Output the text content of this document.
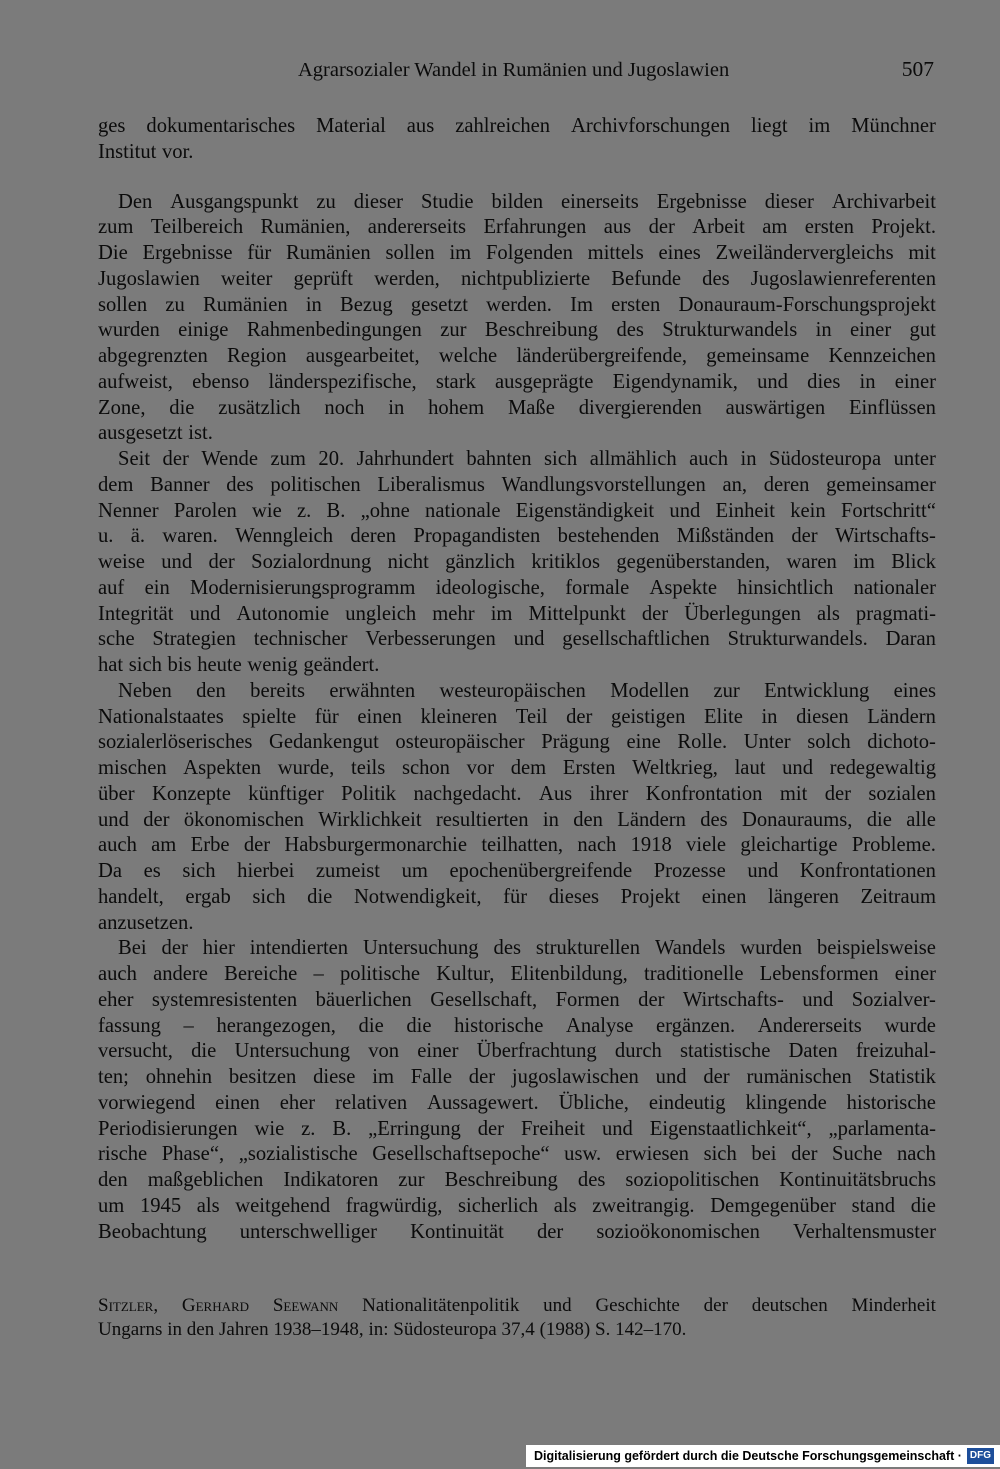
Agrarsozialer Wandel in Rumänien und Jugoslawien	507
ges dokumentarisches Material aus zahlreichen Archivforschungen liegt im Münchner
Institut vor.
Den Ausgangspunkt zu dieser Studie bilden einerseits Ergebnisse dieser Archivarbeit
zum Teilbereich Rumänien, andererseits Erfahrungen aus der Arbeit am ersten Projekt.
Die Ergebnisse für Rumänien sollen im Folgenden mittels eines Zweiländervergleichs mit
Jugoslawien weiter geprüft werden, nichtpublizierte Befunde des Jugoslawienreferenten
sollen zu Rumänien in Bezug gesetzt werden. Im ersten Donauraum-Forschungsprojekt
wurden einige Rahmenbedingungen zur Beschreibung des Strukturwandels in einer gut
abgegrenzten Region ausgearbeitet, welche länderübergreifende, gemeinsame Kennzeichen
aufweist, ebenso länderspezifische, stark ausgeprägte Eigendynamik, und dies in einer
Zone, die zusätzlich noch in hohem Maße divergierenden auswärtigen Einflüssen
ausgesetzt ist.
Seit der Wende zum 20. Jahrhundert bahnten sich allmählich auch in Südosteuropa unter
dem Banner des politischen Liberalismus Wandlungsvorstellungen an, deren gemeinsamer
Nenner Parolen wie z. B. „ohne nationale Eigenständigkeit und Einheit kein Fortschritt“
u. ä. waren. Wenngleich deren Propagandisten bestehenden Mißständen der Wirtschafts-
weise und der Sozialordnung nicht gänzlich kritiklos gegenüberstanden, waren im Blick
auf ein Modernisierungsprogramm ideologische, formale Aspekte hinsichtlich nationaler
Integrität und Autonomie ungleich mehr im Mittelpunkt der Überlegungen als pragmati-
sche Strategien technischer Verbesserungen und gesellschaftlichen Strukturwandels. Daran
hat sich bis heute wenig geändert.
Neben den bereits erwähnten westeuropäischen Modellen zur Entwicklung eines
Nationalstaates spielte für einen kleineren Teil der geistigen Elite in diesen Ländern
sozialerlöserisches Gedankengut osteuropäischer Prägung eine Rolle. Unter solch dichoto-
mischen Aspekten wurde, teils schon vor dem Ersten Weltkrieg, laut und redegewaltig
über Konzepte künftiger Politik nachgedacht. Aus ihrer Konfrontation mit der sozialen
und der ökonomischen Wirklichkeit resultierten in den Ländern des Donauraums, die alle
auch am Erbe der Habsburgermonarchie teilhatten, nach 1918 viele gleichartige Probleme.
Da es sich hierbei zumeist um epochenübergreifende Prozesse und Konfrontationen
handelt, ergab sich die Notwendigkeit, für dieses Projekt einen längeren Zeitraum
anzusetzen.
Bei der hier intendierten Untersuchung des strukturellen Wandels wurden beispielsweise
auch andere Bereiche – politische Kultur, Elitenbildung, traditionelle Lebensformen einer
eher systemresistenten bäuerlichen Gesellschaft, Formen der Wirtschafts- und Sozialver-
fassung – herangezogen, die die historische Analyse ergänzen. Andererseits wurde
versucht, die Untersuchung von einer Überfrachtung durch statistische Daten freizuhal-
ten; ohnehin besitzen diese im Falle der jugoslawischen und der rumänischen Statistik
vorwiegend einen eher relativen Aussagewert. Übliche, eindeutig klingende historische
Periodisierungen wie z. B. „Erringung der Freiheit und Eigenstaatlichkeit“, „parlamenta-
rische Phase“, „sozialistische Gesellschaftsepoche“ usw. erwiesen sich bei der Suche nach
den maßgeblichen Indikatoren zur Beschreibung des soziopolitischen Kontinuitätsbruchs
um 1945 als weitgehend fragwürdig, sicherlich als zweitrangig. Demgegenüber stand die
Beobachtung unterschwelliger Kontinuität der sozioökonomischen Verhaltensmuster
Sitzler, Gerhard Seewann Nationalitätenpolitik und Geschichte der deutschen Minderheit
Ungarns in den Jahren 1938–1948, in: Südosteuropa 37,4 (1988) S. 142–170.
Digitalisierung gefördert durch die Deutsche Forschungsgemeinschaft · DFG
